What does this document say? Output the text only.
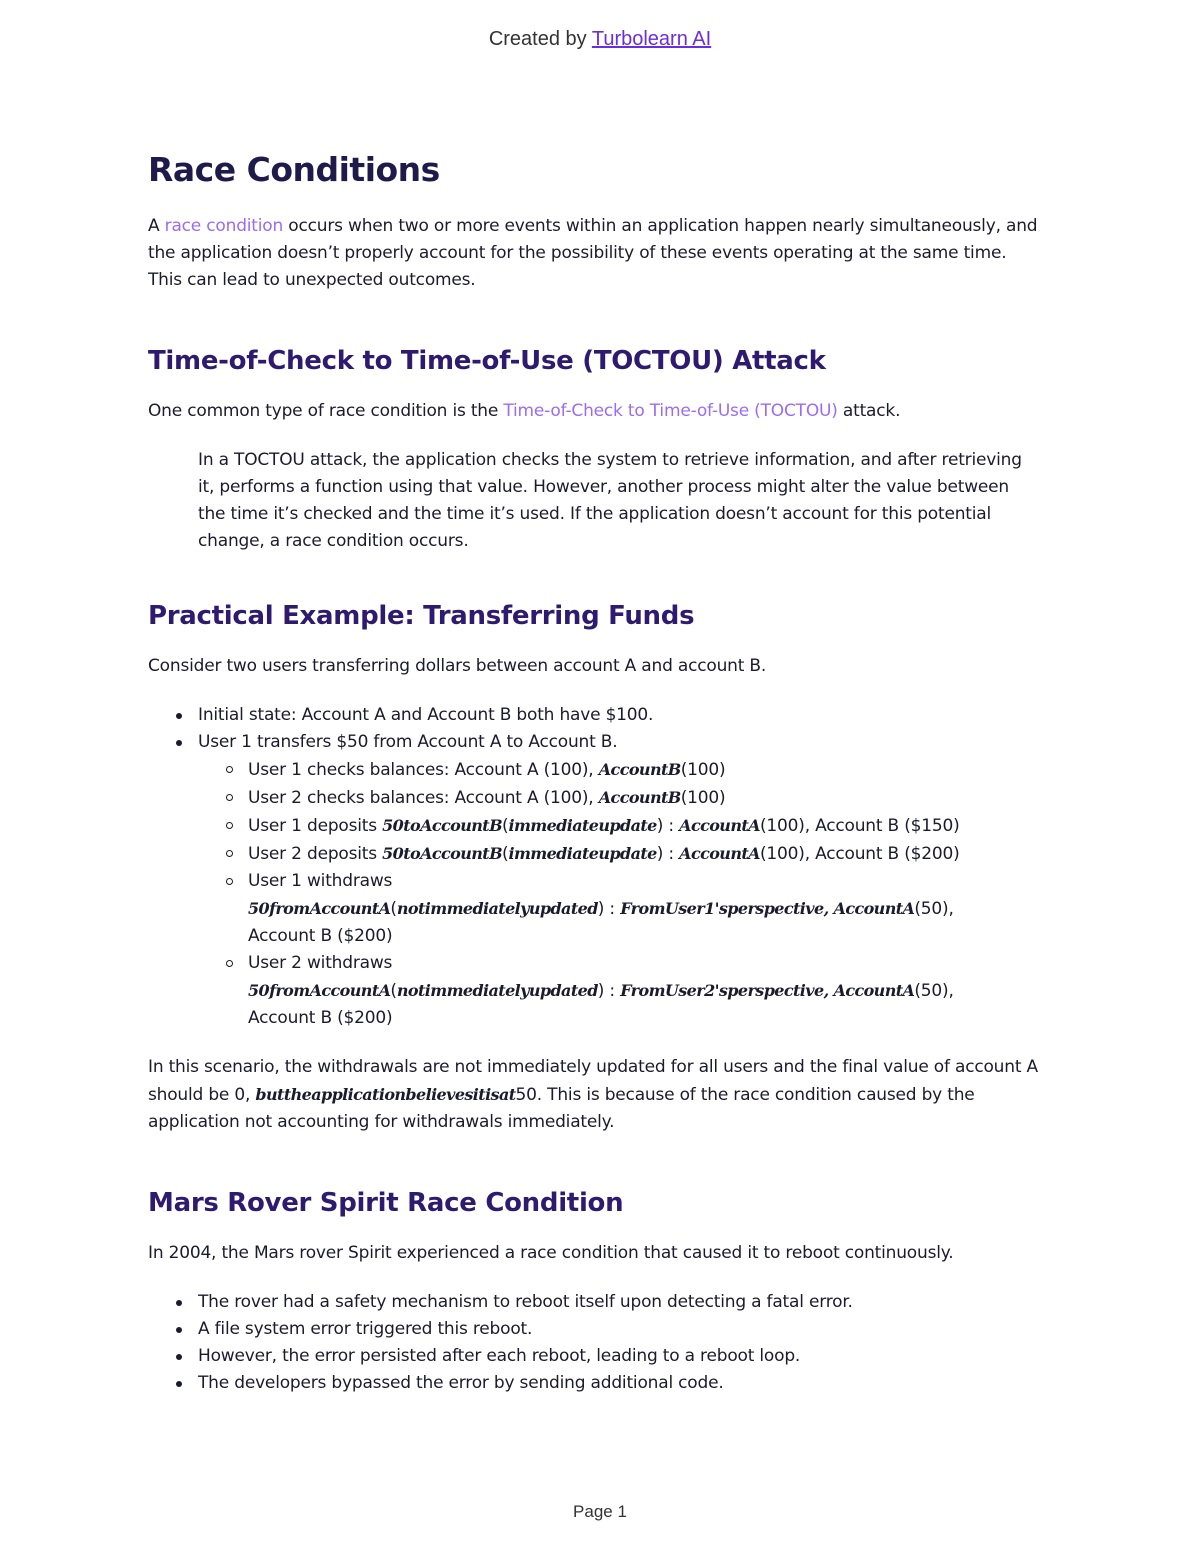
Created by Turbolearn AI
Race Conditions

A race condition occurs when two or more events within an application happen nearly simultaneously, and the application doesn’t properly account for the possibility of these events operating at the same time. This can lead to unexpected outcomes.

Time-of-Check to Time-of-Use (TOCTOU) Attack

One common type of race condition is the Time-of-Check to Time-of-Use (TOCTOU) attack.

In a TOCTOU attack, the application checks the system to retrieve information, and after retrieving it, performs a function using that value. However, another process might alter the value between the time it’s checked and the time it’s used. If the application doesn’t account for this potential change, a race condition occurs.

Practical Example: Transferring Funds

Consider two users transferring dollars between account A and account B.

Initial state: Account A and Account B both have $100.
User 1 transfers $50 from Account A to Account B.
User 1 checks balances: Account A (100), AccountB(100)
User 2 checks balances: Account A (100), AccountB(100)
User 1 deposits 50toAccountB(immediateupdate) : AccountA(100), Account B ($150)
User 2 deposits 50toAccountB(immediateupdate) : AccountA(100), Account B ($200)
User 1 withdraws
50fromAccountA(notimmediatelyupdated) : FromUser1'sperspective, AccountA(50),
Account B ($200)
User 2 withdraws
50fromAccountA(notimmediatelyupdated) : FromUser2'sperspective, AccountA(50),
Account B ($200)

In this scenario, the withdrawals are not immediately updated for all users and the final value of account A should be 0, buttheapplicationbelievesitisat50. This is because of the race condition caused by the application not accounting for withdrawals immediately.

Mars Rover Spirit Race Condition

In 2004, the Mars rover Spirit experienced a race condition that caused it to reboot continuously.

The rover had a safety mechanism to reboot itself upon detecting a fatal error.
A file system error triggered this reboot.
However, the error persisted after each reboot, leading to a reboot loop.
The developers bypassed the error by sending additional code.
Page 1
